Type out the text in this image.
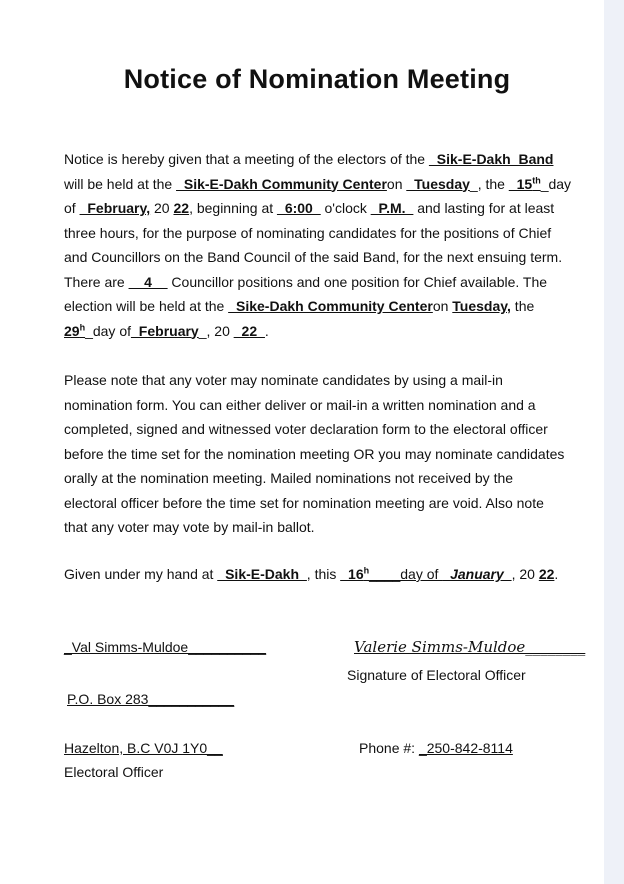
Notice of Nomination Meeting
Notice is hereby given that a meeting of the electors of the _Sik-E-Dakh_Band
will be held at the _Sik-E-Dakh Community Centeron _Tuesday_, the _15th_day
of _February, 20 22, beginning at _6:00_ o'clock _P.M._ and lasting for at least
three hours, for the purpose of nominating candidates for the positions of Chief
and Councillors on the Band Council of the said Band, for the next ensuing term.
There are __4__ Councillor positions and one position for Chief available. The
election will be held at the _Sike-Dakh Community Centeron Tuesday, the
29$^h$_day of_February_, 20 _22_.
Please note that any voter may nominate candidates by using a mail-in
nomination form. You can either deliver or mail-in a written nomination and a
completed, signed and witnessed voter declaration form to the electoral officer
before the time set for the nomination meeting OR you may nominate candidates
orally at the nomination meeting. Mailed nominations not received by the
electoral officer before the time set for nomination meeting are void. Also note
that any voter may vote by mail-in ballot.
Given under my hand at _Sik-E-Dakh_, this _16$^h$____day of _January_, 20 22.
_Val Simms-Muldoe__________	Valerie Simms-Muldoe________
Signature of Electoral Officer
P.O. Box 283___________
Hazelton, B.C V0J 1Y0__	Phone #: _250-842-8114
Electoral Officer
